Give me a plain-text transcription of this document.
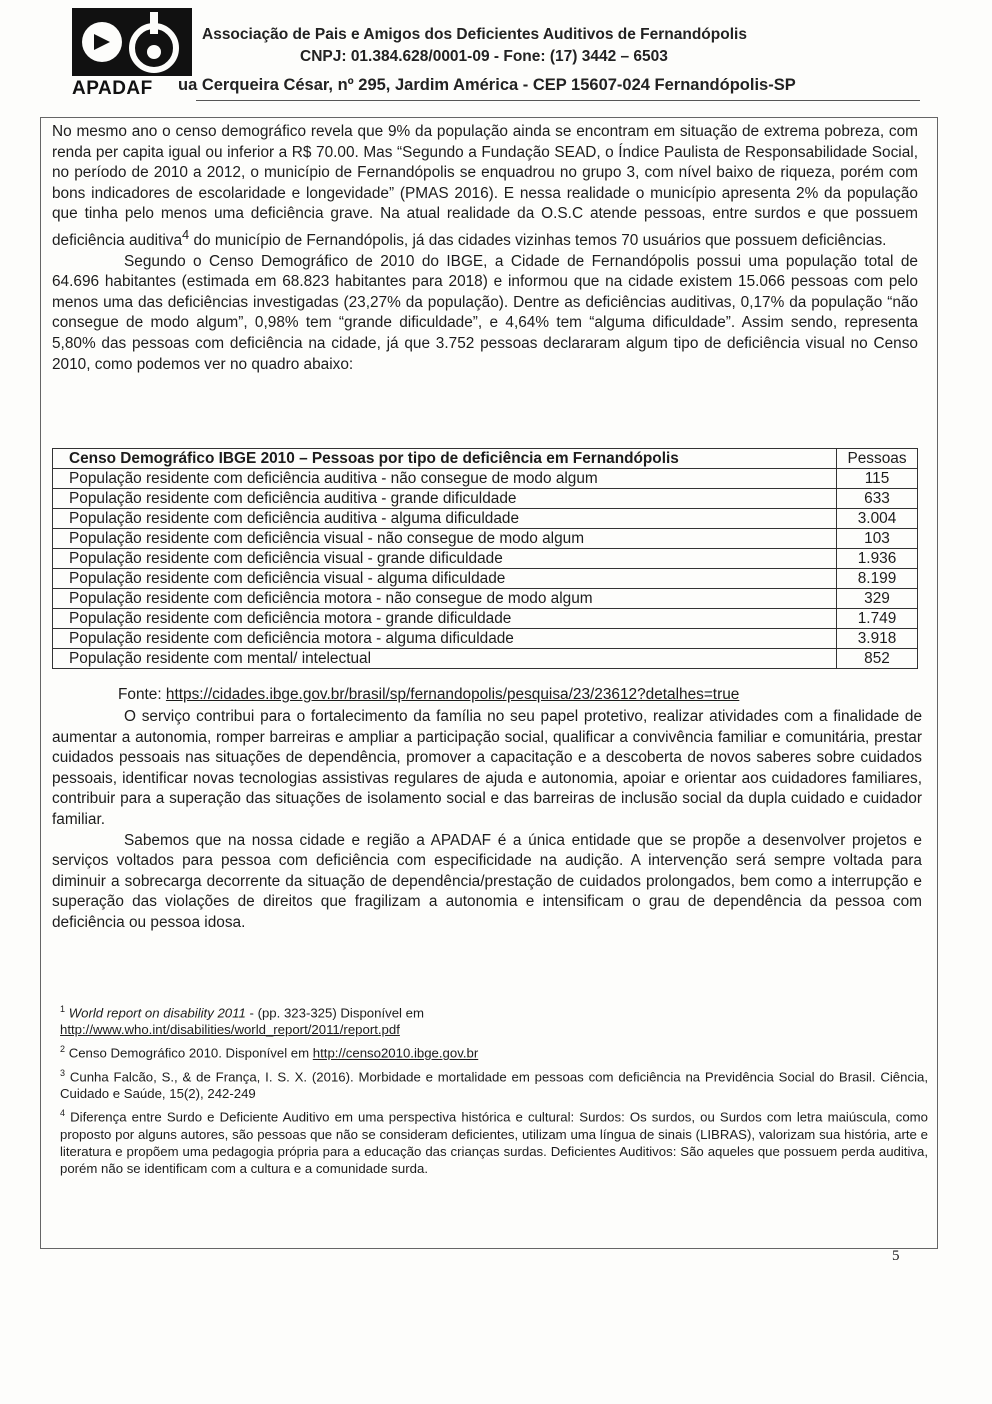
APADAF
Associação de Pais e Amigos dos Deficientes Auditivos de Fernandópolis
CNPJ: 01.384.628/0001-09 - Fone: (17) 3442 – 6503
ua Cerqueira César, nº 295, Jardim América - CEP 15607-024 Fernandópolis-SP

No mesmo ano o censo demográfico revela que 9% da população ainda se encontram em situação de extrema pobreza, com renda per capita igual ou inferior a R$ 70.00. Mas “Segundo a Fundação SEAD, o Índice Paulista de Responsabilidade Social, no período de 2010 a 2012, o município de Fernandópolis se enquadrou no grupo 3, com nível baixo de riqueza, porém com bons indicadores de escolaridade e longevidade” (PMAS 2016). E nessa realidade o município apresenta 2% da população que tinha pelo menos uma deficiência grave. Na atual realidade da O.S.C atende pessoas, entre surdos e que possuem deficiência auditiva$^4$ do município de Fernandópolis, já das cidades vizinhas temos 70 usuários que possuem deficiências.

Segundo o Censo Demográfico de 2010 do IBGE, a Cidade de Fernandópolis possui uma população total de 64.696 habitantes (estimada em 68.823 habitantes para 2018) e informou que na cidade existem 15.066 pessoas com pelo menos uma das deficiências investigadas (23,27% da população). Dentre as deficiências auditivas, 0,17% da população “não consegue de modo algum”, 0,98% tem “grande dificuldade”, e 4,64% tem “alguma dificuldade”. Assim sendo, representa 5,80% das pessoas com deficiência na cidade, já que 3.752 pessoas declararam algum tipo de deficiência visual no Censo 2010, como podemos ver no quadro abaixo:

Censo Demográfico IBGE 2010 – Pessoas por tipo de deficiência em Fernandópolis	Pessoas
População residente com deficiência auditiva - não consegue de modo algum	115
População residente com deficiência auditiva - grande dificuldade	633
População residente com deficiência auditiva - alguma dificuldade	3.004
População residente com deficiência visual - não consegue de modo algum	103
População residente com deficiência visual - grande dificuldade	1.936
População residente com deficiência visual - alguma dificuldade	8.199
População residente com deficiência motora - não consegue de modo algum	329
População residente com deficiência motora - grande dificuldade	1.749
População residente com deficiência motora - alguma dificuldade	3.918
População residente com mental/ intelectual	852
Fonte: https://cidades.ibge.gov.br/brasil/sp/fernandopolis/pesquisa/23/23612?detalhes=true

O serviço contribui para o fortalecimento da família no seu papel protetivo, realizar atividades com a finalidade de aumentar a autonomia, romper barreiras e ampliar a participação social, qualificar a convivência familiar e comunitária, prestar cuidados pessoais nas situações de dependência, promover a capacitação e a descoberta de novos saberes sobre cuidados pessoais, identificar novas tecnologias assistivas regulares de ajuda e autonomia, apoiar e orientar aos cuidadores familiares, contribuir para a superação das situações de isolamento social e das barreiras de inclusão social da dupla cuidado e cuidador familiar.

Sabemos que na nossa cidade e região a APADAF é a única entidade que se propõe a desenvolver projetos e serviços voltados para pessoa com deficiência com especificidade na audição. A intervenção será sempre voltada para diminuir a sobrecarga decorrente da situação de dependência/prestação de cuidados prolongados, bem como a interrupção e superação das violações de direitos que fragilizam a autonomia e intensificam o grau de dependência da pessoa com deficiência ou pessoa idosa.

$^1$ World report on disability 2011 - (pp. 323-325) Disponível em
http://www.who.int/disabilities/world_report/2011/report.pdf

$^2$ Censo Demográfico 2010. Disponível em http://censo2010.ibge.gov.br

$^3$ Cunha Falcão, S., & de França, I. S. X. (2016). Morbidade e mortalidade em pessoas com deficiência na Previdência Social do Brasil. Ciência, Cuidado e Saúde, 15(2), 242-249

$^4$ Diferença entre Surdo e Deficiente Auditivo em uma perspectiva histórica e cultural: Surdos: Os surdos, ou Surdos com letra maiúscula, como proposto por alguns autores, são pessoas que não se consideram deficientes, utilizam uma língua de sinais (LIBRAS), valorizam sua história, arte e literatura e propõem uma pedagogia própria para a educação das crianças surdas. Deficientes Auditivos: São aqueles que possuem perda auditiva, porém não se identificam com a cultura e a comunidade surda.

5
